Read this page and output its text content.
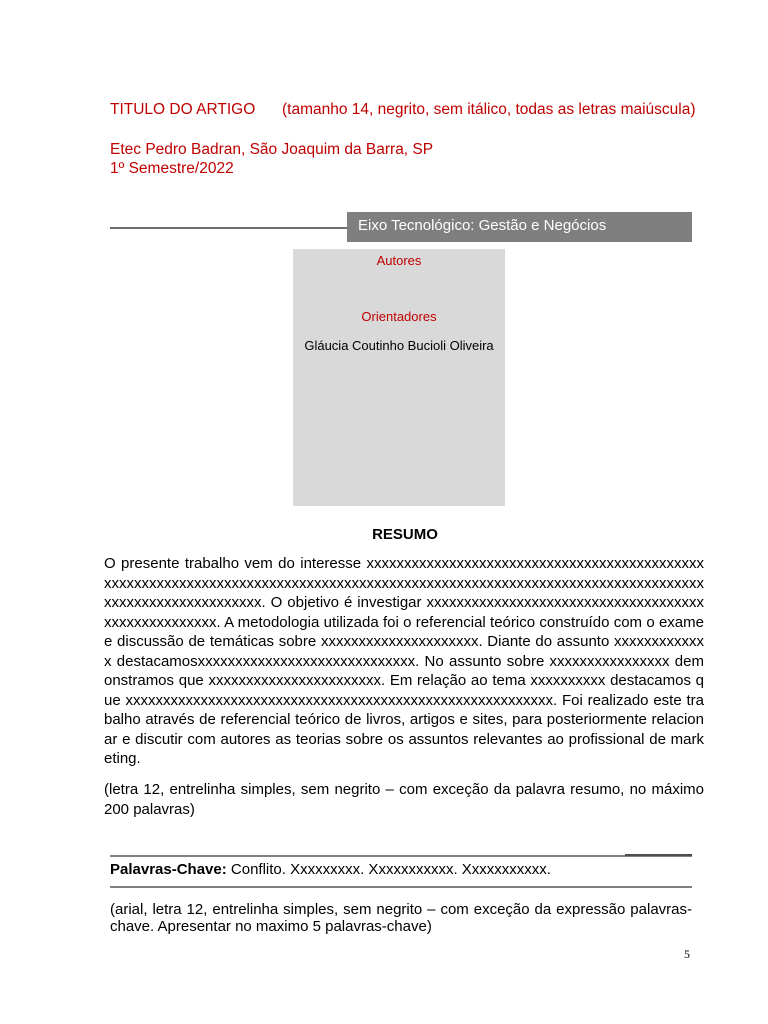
TITULO DO ARTIGO (tamanho 14, negrito, sem itálico, todas as letras maiúscula)
Etec Pedro Badran, São Joaquim da Barra, SP
1º Semestre/2022
Eixo Tecnológico: Gestão e Negócios
Autores
Orientadores
Gláucia Coutinho Bucioli Oliveira
RESUMO
O presente trabalho vem do interesse xxxxxxxxxxxxxxxxxxxxxxxxxxxxxxxxxxxxxxxxxxxxxxxxxxxxxxxxxxxxxxxxxxxxxxxxxxxxxxxxxxxxxxxxxxxxxxxxxxxxxxxxxxxxxxxxxxxxxxxxxxxxxxxxxxxxxxxxxxxxxxxxxx. O objetivo é investigar xxxxxxxxxxxxxxxxxxxxxxxxxxxxxxxxxxxxxxxxxxxxxxxxxxxx. A metodologia utilizada foi o referencial teórico construído com o exame e discussão de temáticas sobre xxxxxxxxxxxxxxxxxxxxx. Diante do assunto xxxxxxxxxxxxx destacamosxxxxxxxxxxxxxxxxxxxxxxxxxxxxx. No assunto sobre xxxxxxxxxxxxxxxx demonstramos que xxxxxxxxxxxxxxxxxxxxxxx. Em relação ao tema xxxxxxxxxx destacamos que xxxxxxxxxxxxxxxxxxxxxxxxxxxxxxxxxxxxxxxxxxxxxxxxxxxxxxxxx. Foi realizado este trabalho através de referencial teórico de livros, artigos e sites, para posteriormente relacionar e discutir com autores as teorias sobre os assuntos relevantes ao profissional de marketing.
(letra 12, entrelinha simples, sem negrito – com exceção da palavra resumo, no máximo 200 palavras)
Palavras-Chave: Conflito. Xxxxxxxxx. Xxxxxxxxxxx. Xxxxxxxxxxx.
(arial, letra 12, entrelinha simples, sem negrito – com exceção da expressão palavras-chave. Apresentar no maximo 5 palavras-chave)
5
